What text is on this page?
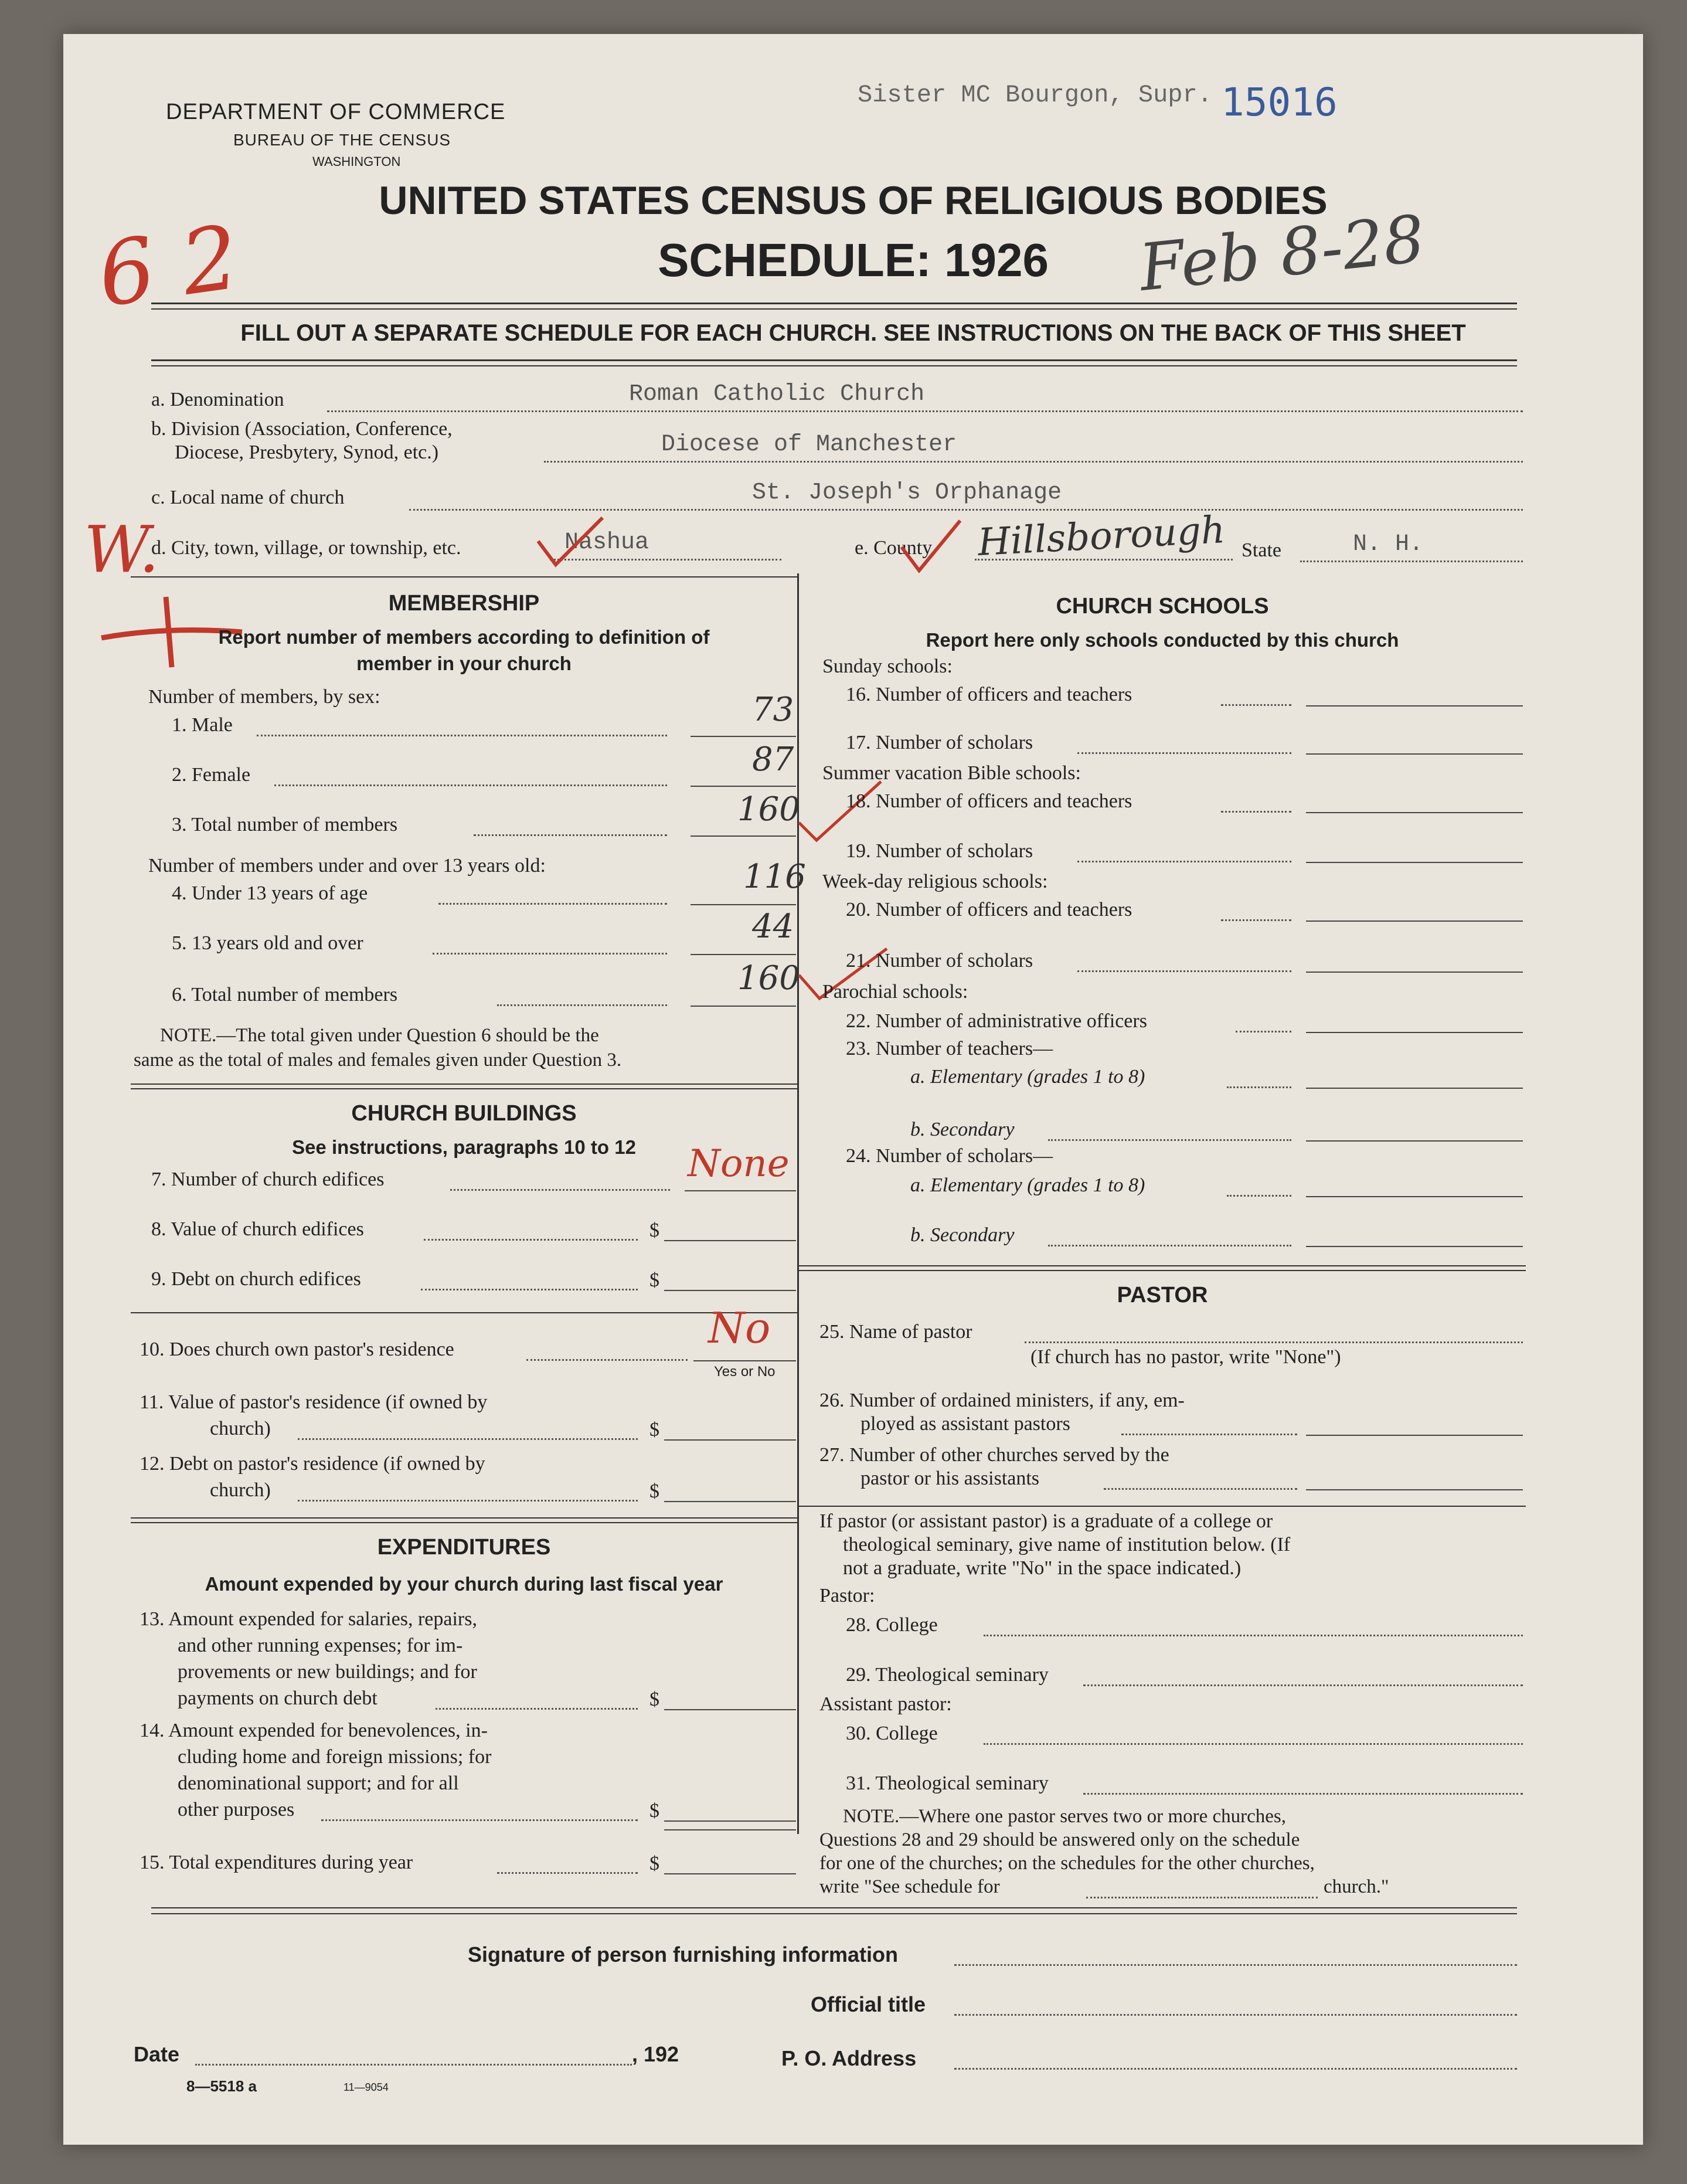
DEPARTMENT OF COMMERCE
BUREAU OF THE CENSUS
WASHINGTON
Sister MC Bourgon, Supr. 15016
UNITED STATES CENSUS OF RELIGIOUS BODIES
SCHEDULE: 1926
6 2	Feb 8-28
FILL OUT A SEPARATE SCHEDULE FOR EACH CHURCH. SEE INSTRUCTIONS ON THE BACK OF THIS SHEET
a. Denomination	Roman Catholic Church
b. Division (Association, Conference,
Diocese, Presbytery, Synod, etc.)	Diocese of Manchester
c. Local name of church	St. Joseph's Orphanage
d. City, town, village, or township, etc.	Nashua	e. County Hillsborough State	N. H.
W.
MEMBERSHIP
Report number of members according to definition of
member in your church
Number of members, by sex:
1. Male	73
2. Female	87
3. Total number of members	160
Number of members under and over 13 years old:
4. Under 13 years of age	116
5. 13 years old and over	44
6. Total number of members	160
NOTE.—The total given under Question 6 should be the
same as the total of males and females given under Question 3.
CHURCH BUILDINGS
See instructions, paragraphs 10 to 12
7. Number of church edifices	None
8. Value of church edifices	$
9. Debt on church edifices	$
10. Does church own pastor's residence	No
Yes or No
11. Value of pastor's residence (if owned by
church)	$
12. Debt on pastor's residence (if owned by
church)	$
EXPENDITURES
Amount expended by your church during last fiscal year
13. Amount expended for salaries, repairs,
and other running expenses; for im-
provements or new buildings; and for
payments on church debt	$
14. Amount expended for benevolences, in-
cluding home and foreign missions; for
denominational support; and for all
other purposes	$
15. Total expenditures during year	$
CHURCH SCHOOLS
Report here only schools conducted by this church
Sunday schools:
16. Number of officers and teachers
17. Number of scholars
Summer vacation Bible schools:
18. Number of officers and teachers
19. Number of scholars
Week-day religious schools:
20. Number of officers and teachers
21. Number of scholars
Parochial schools:
22. Number of administrative officers
23. Number of teachers—
a. Elementary (grades 1 to 8)
b. Secondary
24. Number of scholars—
a. Elementary (grades 1 to 8)
b. Secondary
PASTOR
25. Name of pastor
(If church has no pastor, write "None")
26. Number of ordained ministers, if any, em-
ployed as assistant pastors
27. Number of other churches served by the
pastor or his assistants
If pastor (or assistant pastor) is a graduate of a college or
theological seminary, give name of institution below. (If
not a graduate, write "No" in the space indicated.)
Pastor:
28. College
29. Theological seminary
Assistant pastor:
30. College
31. Theological seminary
NOTE.—Where one pastor serves two or more churches,
Questions 28 and 29 should be answered only on the schedule
for one of the churches; on the schedules for the other churches,
write "See schedule for	church."
Signature of person furnishing information
Official title
Date	, 192	P. O. Address
8—5518 a	11—9054
